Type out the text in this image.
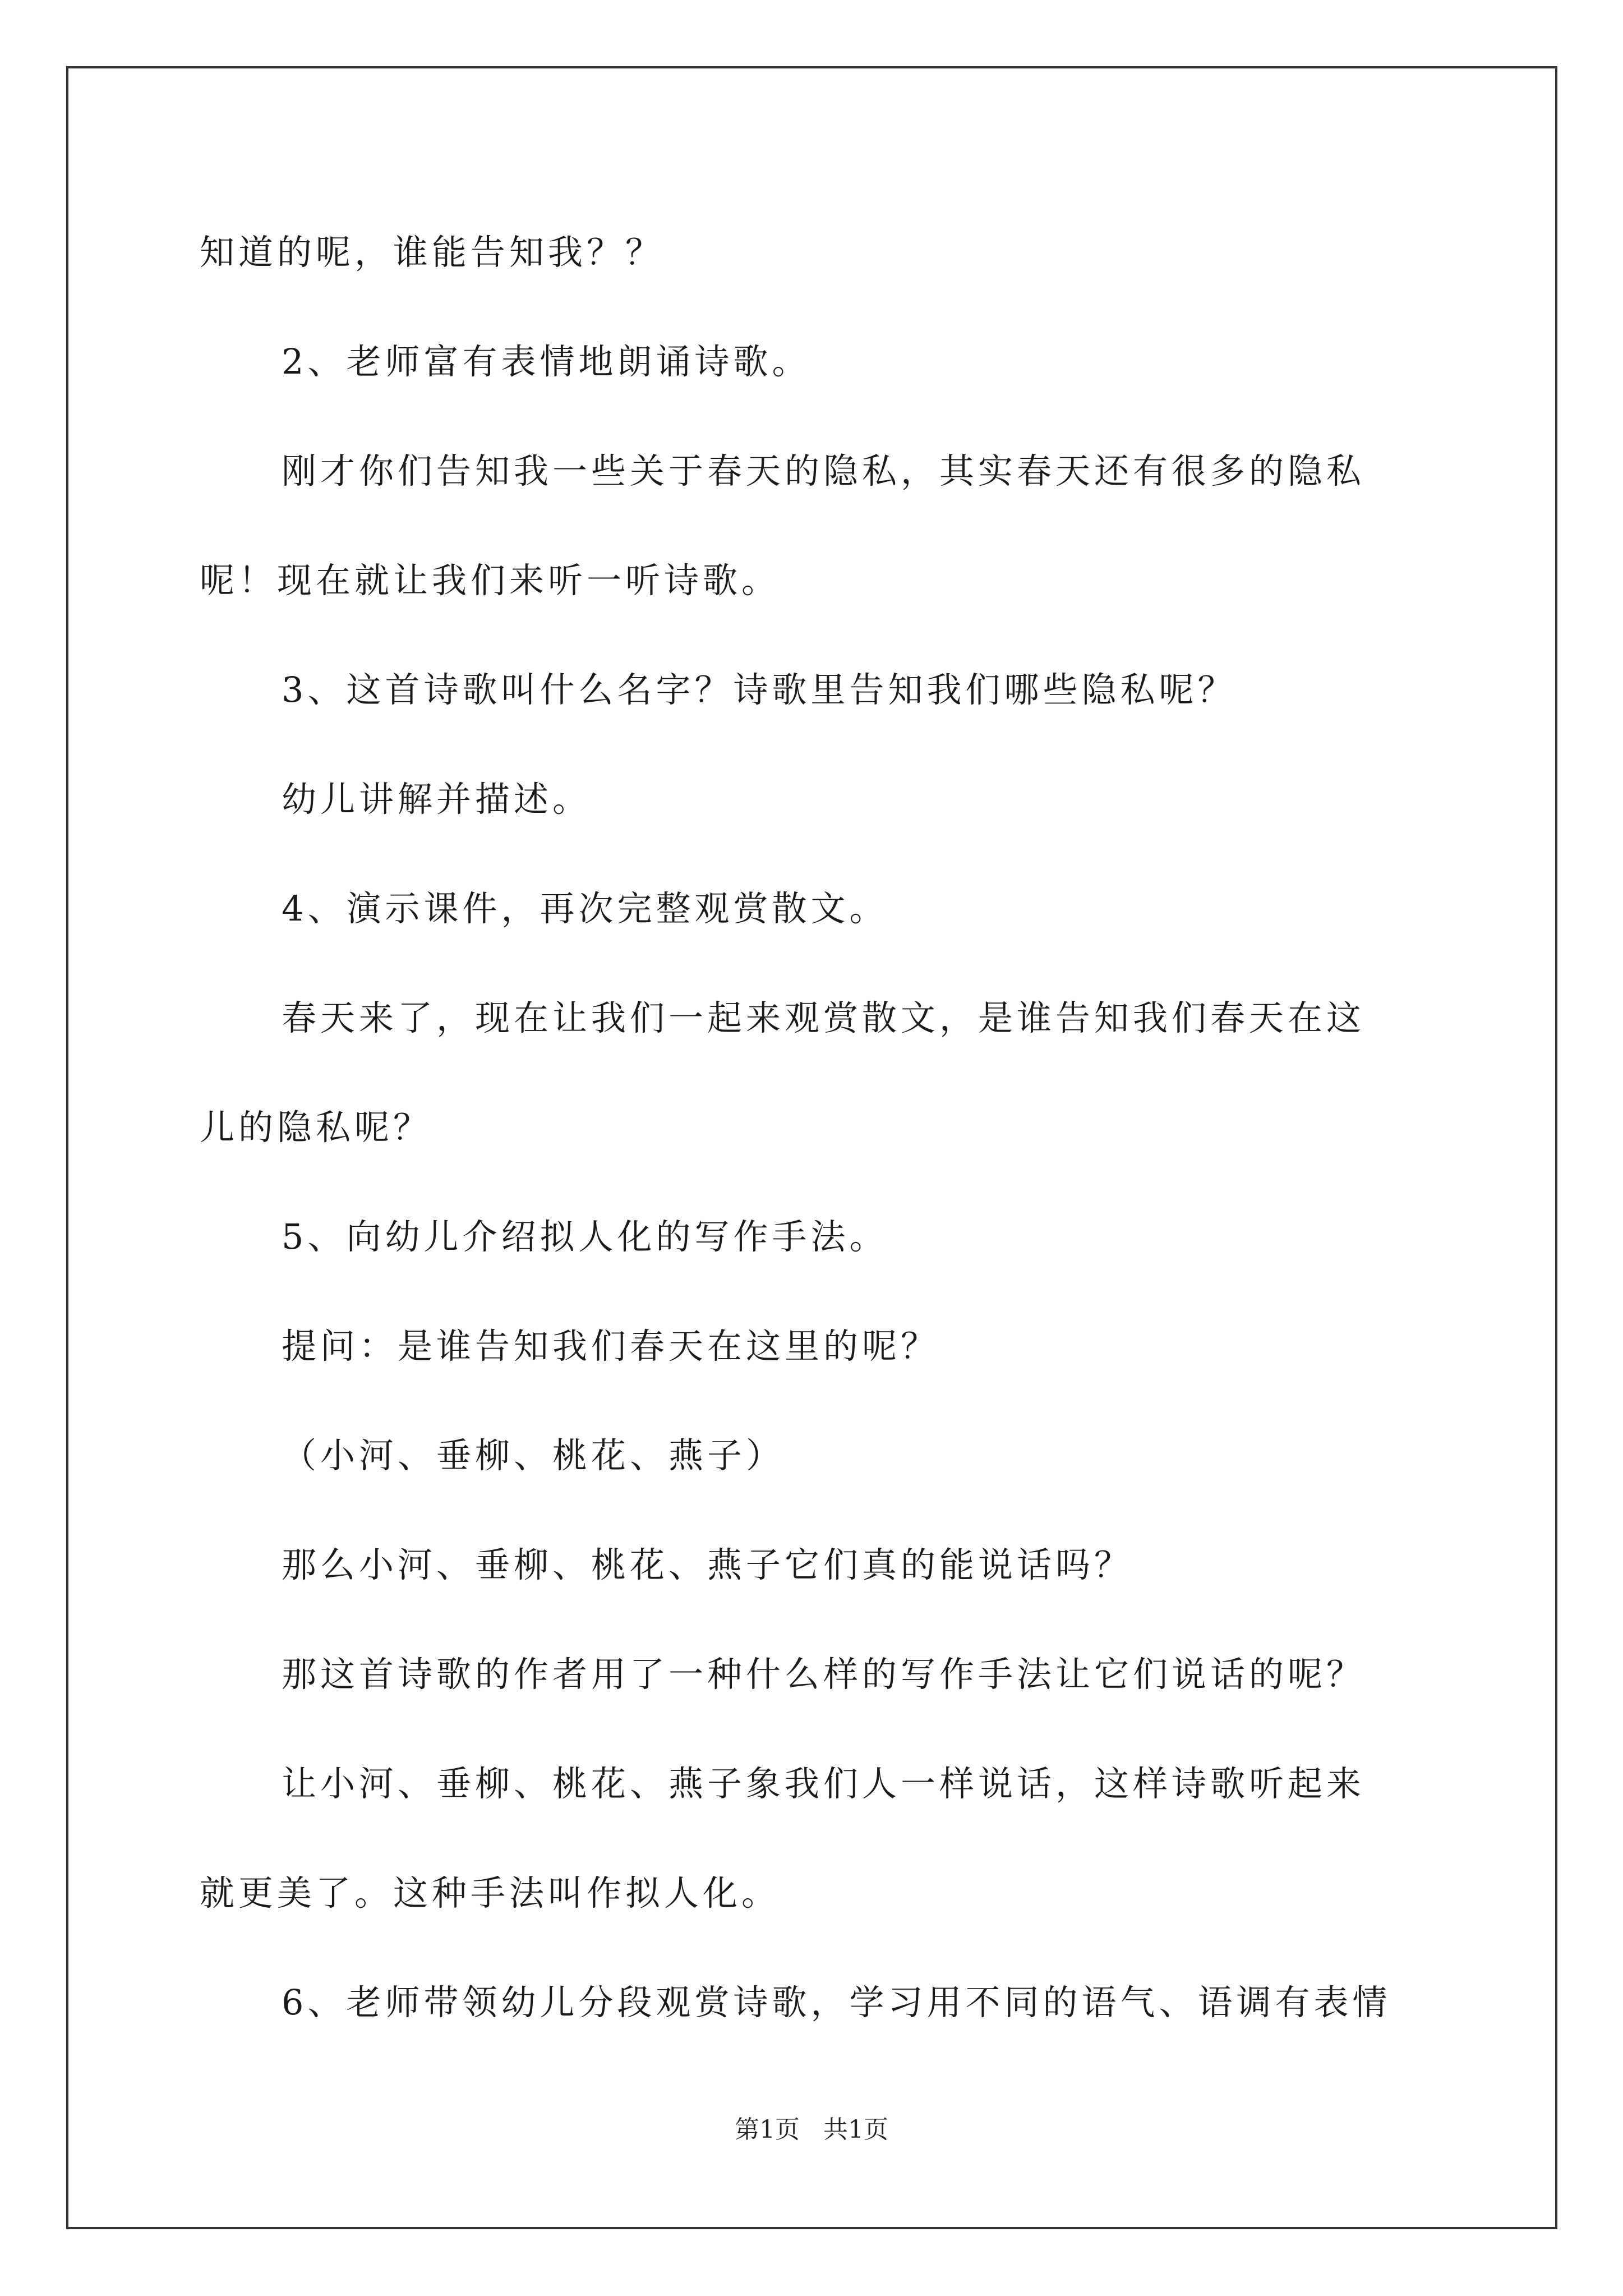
知道的呢，谁能告知我？？
2、老师富有表情地朗诵诗歌。
刚才你们告知我一些关于春天的隐私，其实春天还有很多的隐私
呢！现在就让我们来听一听诗歌。
3、这首诗歌叫什么名字？诗歌里告知我们哪些隐私呢？
幼儿讲解并描述。
4、演示课件，再次完整观赏散文。
春天来了，现在让我们一起来观赏散文，是谁告知我们春天在这
儿的隐私呢？
5、向幼儿介绍拟人化的写作手法。
提问：是谁告知我们春天在这里的呢？
（小河、垂柳、桃花、燕子）
那么小河、垂柳、桃花、燕子它们真的能说话吗？
那这首诗歌的作者用了一种什么样的写作手法让它们说话的呢？
让小河、垂柳、桃花、燕子象我们人一样说话，这样诗歌听起来
就更美了。这种手法叫作拟人化。
6、老师带领幼儿分段观赏诗歌，学习用不同的语气、语调有表情

第1页 共1页
